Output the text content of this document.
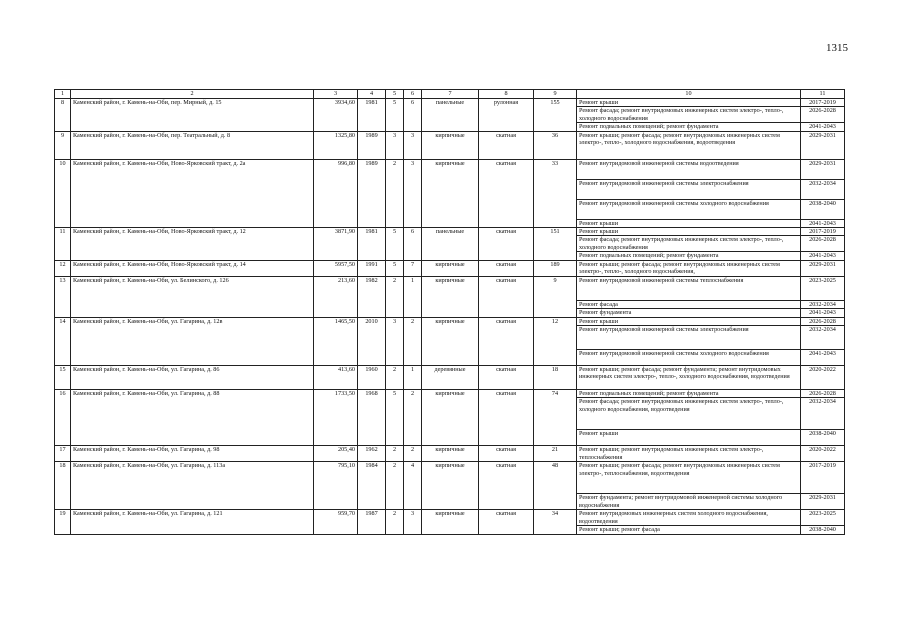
1315
1	2	3	4	5	6	7	8	9	10	11
8	Каменский район, г. Камень-на-Оби, пер. Мирный, д. 15	3934,60	1981	5	6	панельные	рулонная	155	Ремонт крыши	2017-2019
									Ремонт фасада; ремонт внутридомовых инженерных систем электро-, тепло-, холодного водоснабжения	2026-2028
									Ремонт подвальных помещений; ремонт фундамента	2041-2043
9	Каменский район, г. Камень-на-Оби, пер. Театральный, д. 8	1325,80	1989	3	3	кирпичные	скатная	36	Ремонт крыши; ремонт фасада; ремонт внутридомовых инженерных систем электро-, тепло-, холодного водоснабжения, водоотведения	2029-2031
10	Каменский район, г. Камень-на-Оби, Ново-Ярковский тракт, д. 2а	996,80	1989	2	3	кирпичные	скатная	33	Ремонт внутридомовой инженерной системы водоотведения	2029-2031
									Ремонт внутридомовой инженерной системы электроснабжения	2032-2034
									Ремонт внутридомовой инженерной системы холодного водоснабжения	2038-2040
									Ремонт крыши	2041-2043
11	Каменский район, г. Камень-на-Оби, Ново-Ярковский тракт, д. 12	3871,90	1981	5	6	панельные	скатная	151	Ремонт крыши	2017-2019
									Ремонт фасада; ремонт внутридомовых инженерных систем электро-, тепло-, холодного водоснабжения	2026-2028
									Ремонт подвальных помещений; ремонт фундамента	2041-2043
12	Каменский район, г. Камень-на-Оби, Ново-Ярковский тракт, д. 14	5957,50	1991	5	7	кирпичные	скатная	189	Ремонт крыши; ремонт фасада; ремонт внутридомовых инженерных систем электро-, тепло-, холодного водоснабжения,	2029-2031
13	Каменский район, г. Камень-на-Оби, ул. Белинского, д. 126	213,60	1982	2	1	кирпичные	скатная	9	Ремонт внутридомовой инженерной системы теплоснабжения	2023-2025
									Ремонт фасада	2032-2034
									Ремонт фундамента	2041-2043
14	Каменский район, г. Камень-на-Оби, ул. Гагарина, д. 12в	1465,50	2010	3	2	кирпичные	скатная	12	Ремонт крыши	2026-2028
									Ремонт внутридомовой инженерной системы электроснабжения	2032-2034
									Ремонт внутридомовой инженерной системы холодного водоснабжения	2041-2043
15	Каменский район, г. Камень-на-Оби, ул. Гагарина, д. 86	413,60	1960	2	1	деревянные	скатная	18	Ремонт крыши; ремонт фасада; ремонт фундамента; ремонт внутридомовых инженерных систем электро-, тепло-, холодного водоснабжения, водоотведения	2020-2022
16	Каменский район, г. Камень-на-Оби, ул. Гагарина, д. 88	1733,50	1968	5	2	кирпичные	скатная	74	Ремонт подвальных помещений; ремонт фундамента	2026-2028
									Ремонт фасада; ремонт внутридомовых инженерных систем электро-, тепло-, холодного водоснабжения, водоотведения	2032-2034
									Ремонт крыши	2038-2040
17	Каменский район, г. Камень-на-Оби, ул. Гагарина, д. 98	205,40	1962	2	2	кирпичные	скатная	21	Ремонт крыши; ремонт внутридомовых инженерных систем электро-, теплоснабжения	2020-2022
18	Каменский район, г. Камень-на-Оби, ул. Гагарина, д. 113а	795,10	1984	2	4	кирпичные	скатная	48	Ремонт крыши; ремонт фасада; ремонт внутридомовых инженерных систем электро-, теплоснабжения, водоотведения	2017-2019
									Ремонт фундамента; ремонт внутридомовой инженерной системы холодного водоснабжения	2029-2031
19	Каменский район, г. Камень-на-Оби, ул. Гагарина, д. 121	959,70	1987	2	3	кирпичные	скатная	34	Ремонт внутридомовых инженерных систем холодного водоснабжения, водоотведения	2023-2025
									Ремонт крыши; ремонт фасада	2038-2040
